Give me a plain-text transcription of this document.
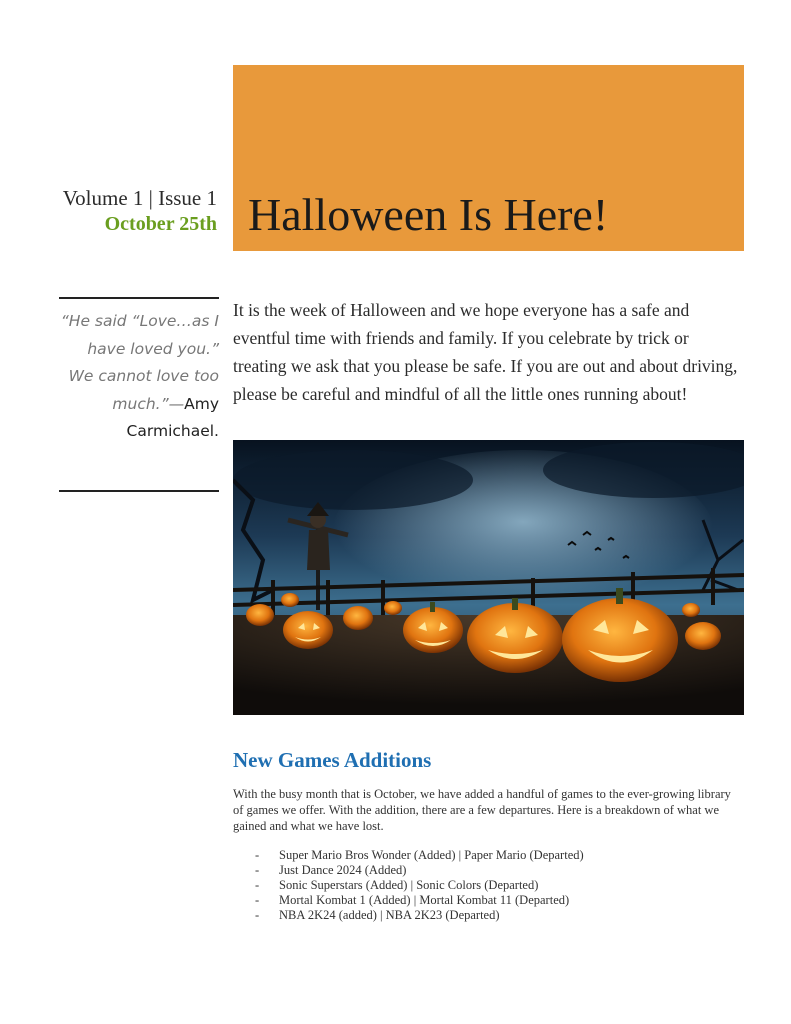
Volume 1 | Issue 1
October 25th Halloween Is Here!
“He said “Love…as I have loved you.” We cannot love too much.”—Amy Carmichael.

It is the week of Halloween and we hope everyone has a safe and eventful time with friends and family. If you celebrate by trick or treating we ask that you please be safe. If you are out and about driving, please be careful and mindful of all the little ones running about!

New Games Additions

With the busy month that is October, we have added a handful of games to the ever-growing library of games we offer. With the addition, there are a few departures. Here is a breakdown of what we gained and what we have lost.

- Super Mario Bros Wonder (Added) | Paper Mario (Departed)
- Just Dance 2024 (Added)
- Sonic Superstars (Added) | Sonic Colors (Departed)
- Mortal Kombat 1 (Added) | Mortal Kombat 11 (Departed)
- NBA 2K24 (added) | NBA 2K23 (Departed)
